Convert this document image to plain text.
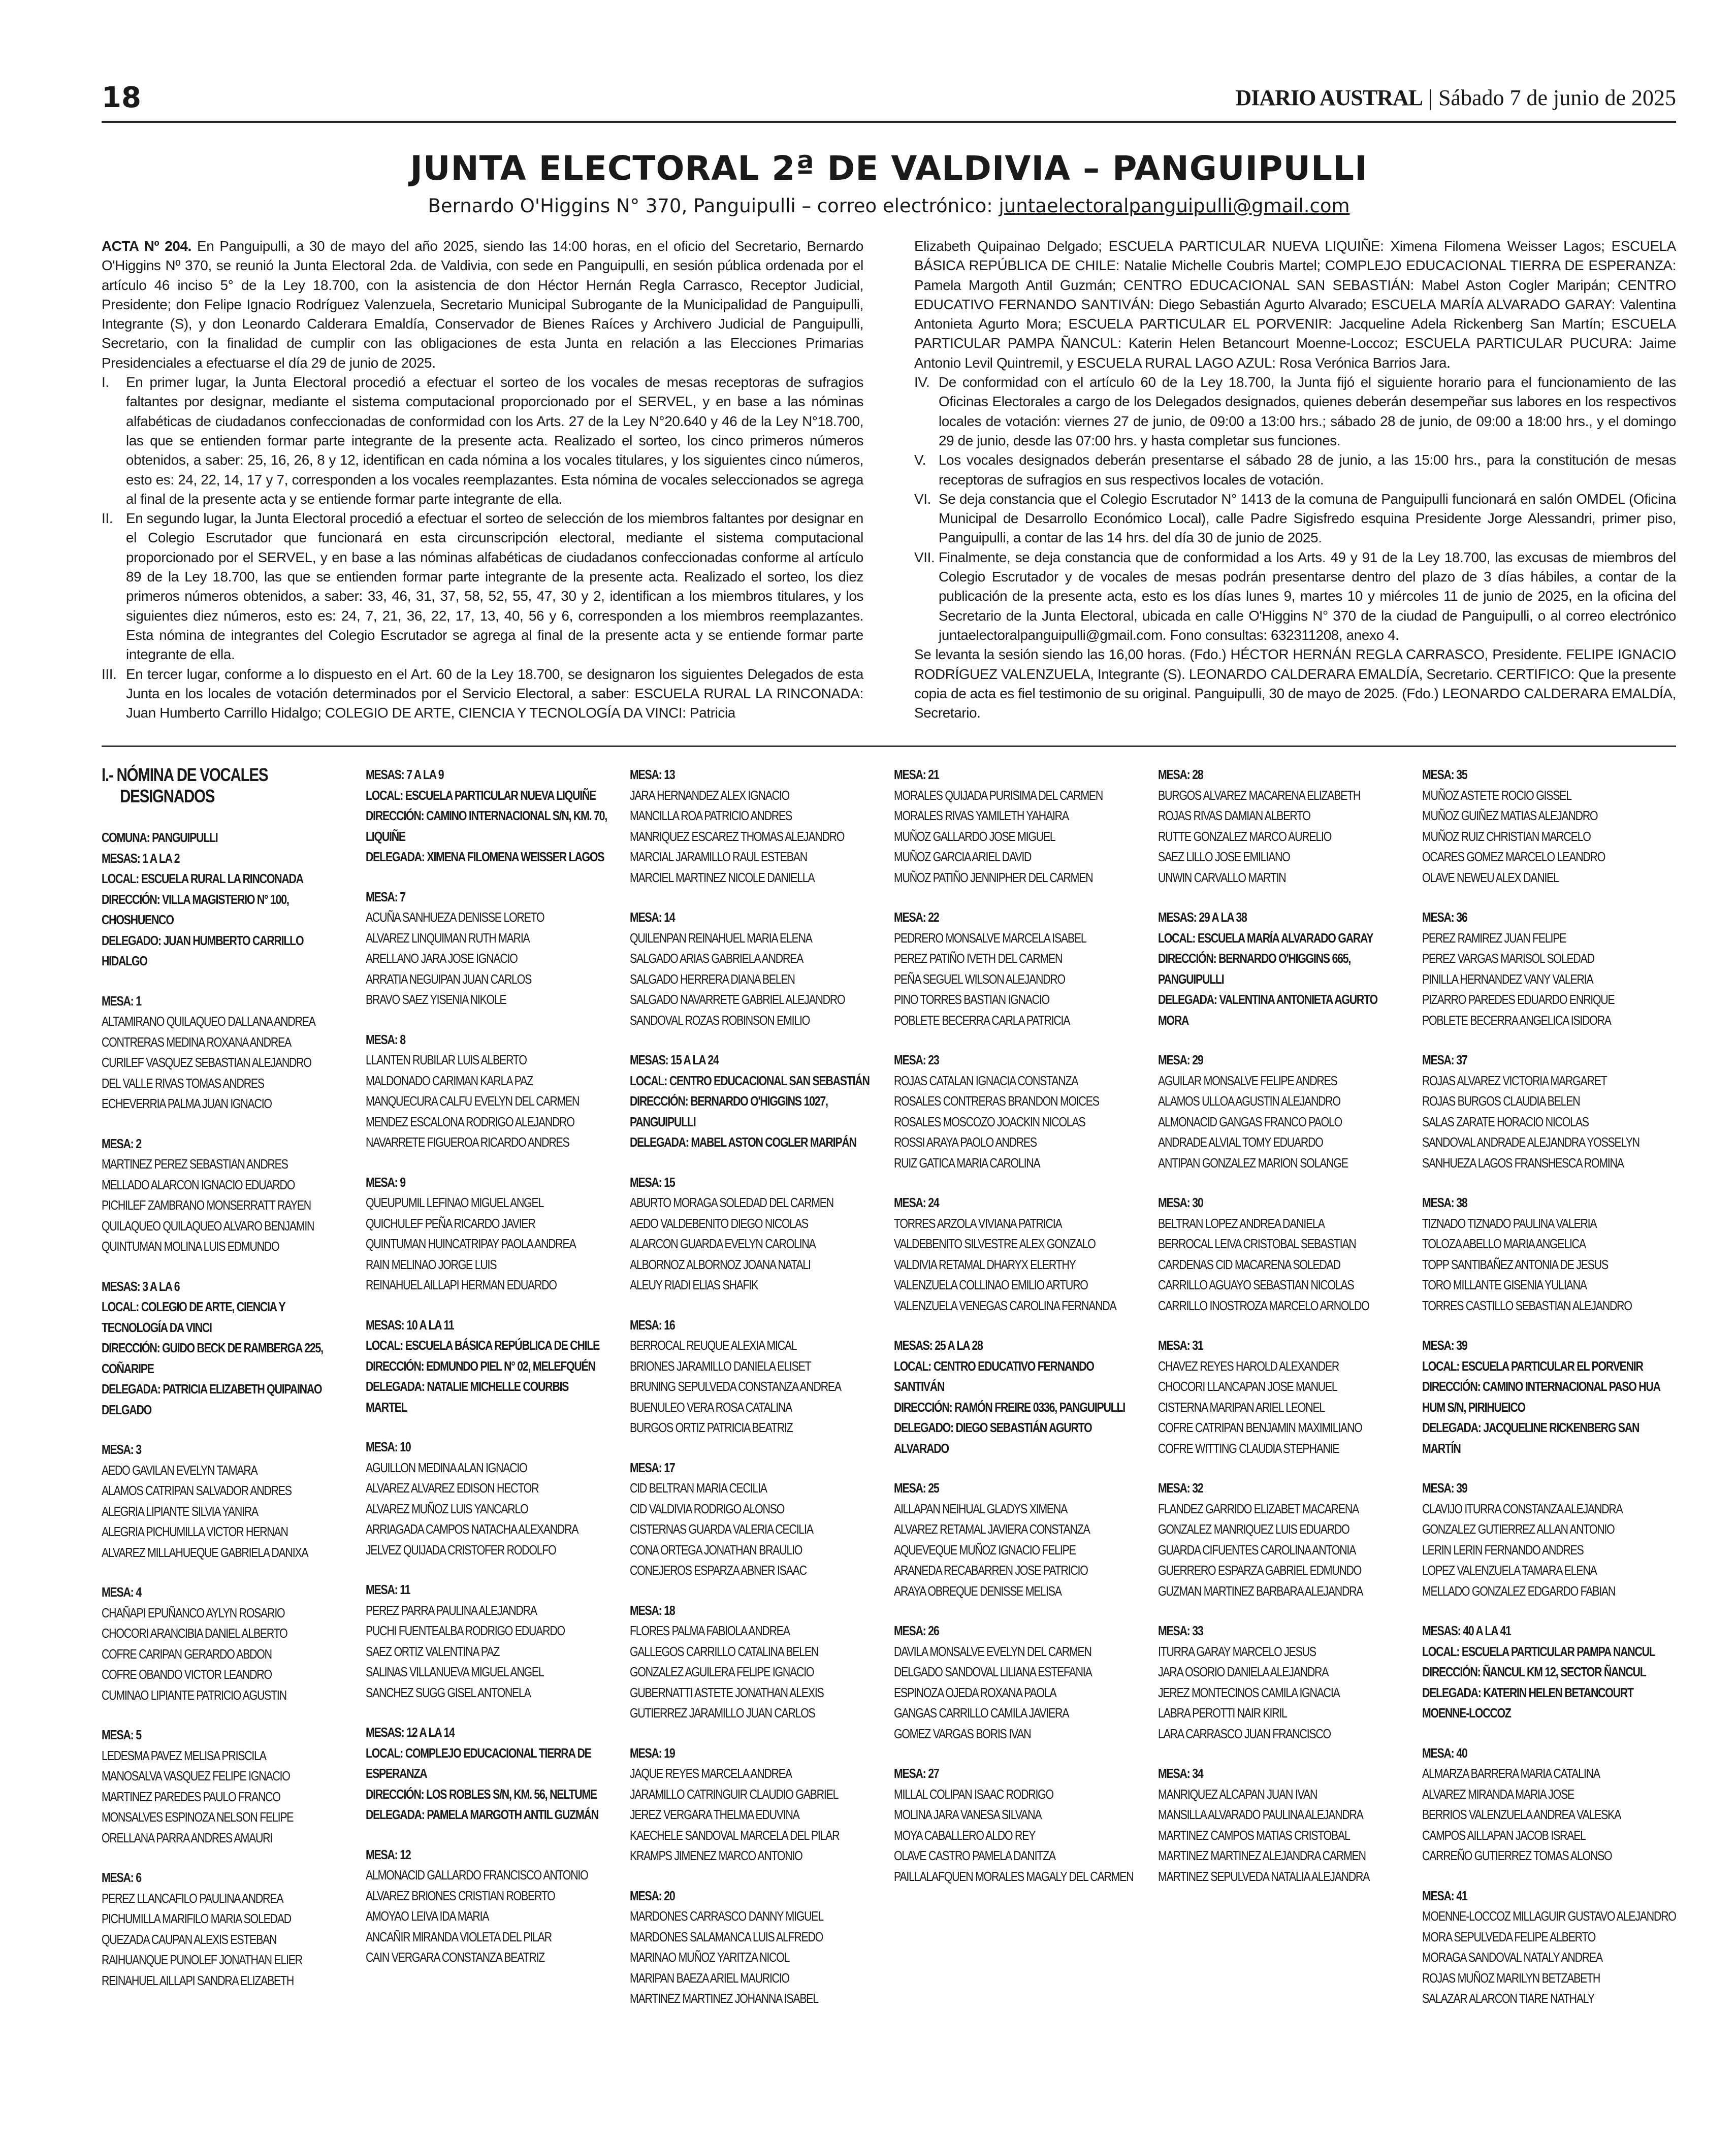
18	DIARIO AUSTRAL | Sábado 7 de junio de 2025
JUNTA ELECTORAL 2ª DE VALDIVIA – PANGUIPULLI

Bernardo O'Higgins N° 370, Panguipulli – correo electrónico: juntaelectoralpanguipulli@gmail.com

ACTA Nº 204. En Panguipulli, a 30 de mayo del año 2025, siendo las 14:00 horas, en el oficio del Secretario, Bernardo O'Higgins Nº 370, se reunió la Junta Electoral 2da. de Valdivia, con sede en Panguipulli, en sesión pública ordenada por el artículo 46 inciso 5° de la Ley 18.700, con la asistencia de don Héctor Hernán Regla Carrasco, Receptor Judicial, Presidente; don Felipe Ignacio Rodríguez Valenzuela, Secretario Municipal Subrogante de la Municipalidad de Panguipulli, Integrante (S), y don Leonardo Calderara Emaldía, Conservador de Bienes Raíces y Archivero Judicial de Panguipulli, Secretario, con la finalidad de cumplir con las obligaciones de esta Junta en relación a las Elecciones Primarias Presidenciales a efectuarse el día 29 de junio de 2025.

I. En primer lugar, la Junta Electoral procedió a efectuar el sorteo de los vocales de mesas receptoras de sufragios faltantes por designar, mediante el sistema computacional proporcionado por el SERVEL, y en base a las nóminas alfabéticas de ciudadanos confeccionadas de conformidad con los Arts. 27 de la Ley N°20.640 y 46 de la Ley N°18.700, las que se entienden formar parte integrante de la presente acta. Realizado el sorteo, los cinco primeros números obtenidos, a saber: 25, 16, 26, 8 y 12, identifican en cada nómina a los vocales titulares, y los siguientes cinco números, esto es: 24, 22, 14, 17 y 7, corresponden a los vocales reemplazantes. Esta nómina de vocales seleccionados se agrega al final de la presente acta y se entiende formar parte integrante de ella.

II. En segundo lugar, la Junta Electoral procedió a efectuar el sorteo de selección de los miembros faltantes por designar en el Colegio Escrutador que funcionará en esta circunscripción electoral, mediante el sistema computacional proporcionado por el SERVEL, y en base a las nóminas alfabéticas de ciudadanos confeccionadas conforme al artículo 89 de la Ley 18.700, las que se entienden formar parte integrante de la presente acta. Realizado el sorteo, los diez primeros números obtenidos, a saber: 33, 46, 31, 37, 58, 52, 55, 47, 30 y 2, identifican a los miembros titulares, y los siguientes diez números, esto es: 24, 7, 21, 36, 22, 17, 13, 40, 56 y 6, corresponden a los miembros reemplazantes. Esta nómina de integrantes del Colegio Escrutador se agrega al final de la presente acta y se entiende formar parte integrante de ella.

III. En tercer lugar, conforme a lo dispuesto en el Art. 60 de la Ley 18.700, se designaron los siguientes Delegados de esta Junta en los locales de votación determinados por el Servicio Electoral, a saber: ESCUELA RURAL LA RINCONADA: Juan Humberto Carrillo Hidalgo; COLEGIO DE ARTE, CIENCIA Y TECNOLOGÍA DA VINCI: Patricia

Elizabeth Quipainao Delgado; ESCUELA PARTICULAR NUEVA LIQUIÑE: Ximena Filomena Weisser Lagos; ESCUELA BÁSICA REPÚBLICA DE CHILE: Natalie Michelle Coubris Martel; COMPLEJO EDUCACIONAL TIERRA DE ESPERANZA: Pamela Margoth Antil Guzmán; CENTRO EDUCACIONAL SAN SEBASTIÁN: Mabel Aston Cogler Maripán; CENTRO EDUCATIVO FERNANDO SANTIVÁN: Diego Sebastián Agurto Alvarado; ESCUELA MARÍA ALVARADO GARAY: Valentina Antonieta Agurto Mora; ESCUELA PARTICULAR EL PORVENIR: Jacqueline Adela Rickenberg San Martín; ESCUELA PARTICULAR PAMPA ÑANCUL: Katerin Helen Betancourt Moenne-Loccoz; ESCUELA PARTICULAR PUCURA: Jaime Antonio Levil Quintremil, y ESCUELA RURAL LAGO AZUL: Rosa Verónica Barrios Jara.

IV. De conformidad con el artículo 60 de la Ley 18.700, la Junta fijó el siguiente horario para el funcionamiento de las Oficinas Electorales a cargo de los Delegados designados, quienes deberán desempeñar sus labores en los respectivos locales de votación: viernes 27 de junio, de 09:00 a 13:00 hrs.; sábado 28 de junio, de 09:00 a 18:00 hrs., y el domingo 29 de junio, desde las 07:00 hrs. y hasta completar sus funciones.

V. Los vocales designados deberán presentarse el sábado 28 de junio, a las 15:00 hrs., para la constitución de mesas receptoras de sufragios en sus respectivos locales de votación.

VI. Se deja constancia que el Colegio Escrutador N° 1413 de la comuna de Panguipulli funcionará en salón OMDEL (Oficina Municipal de Desarrollo Económico Local), calle Padre Sigisfredo esquina Presidente Jorge Alessandri, primer piso, Panguipulli, a contar de las 14 hrs. del día 30 de junio de 2025.

VII. Finalmente, se deja constancia que de conformidad a los Arts. 49 y 91 de la Ley 18.700, las excusas de miembros del Colegio Escrutador y de vocales de mesas podrán presentarse dentro del plazo de 3 días hábiles, a contar de la publicación de la presente acta, esto es los días lunes 9, martes 10 y miércoles 11 de junio de 2025, en la oficina del Secretario de la Junta Electoral, ubicada en calle O'Higgins N° 370 de la ciudad de Panguipulli, o al correo electrónico juntaelectoralpanguipulli@gmail.com. Fono consultas: 632311208, anexo 4.

Se levanta la sesión siendo las 16,00 horas. (Fdo.) HÉCTOR HERNÁN REGLA CARRASCO, Presidente. FELIPE IGNACIO RODRÍGUEZ VALENZUELA, Integrante (S). LEONARDO CALDERARA EMALDÍA, Secretario. CERTIFICO: Que la presente copia de acta es fiel testimonio de su original. Panguipulli, 30 de mayo de 2025. (Fdo.) LEONARDO CALDERARA EMALDÍA, Secretario.

I.- NÓMINA DE VOCALES DESIGNADOS
COMUNA: PANGUIPULLI
MESAS: 1 A LA 2
LOCAL: ESCUELA RURAL LA RINCONADA
DIRECCIÓN: VILLA MAGISTERIO N° 100, CHOSHUENCO
DELEGADO: JUAN HUMBERTO CARRILLO HIDALGO
MESA: 1
ALTAMIRANO QUILAQUEO DALLANA ANDREA
CONTRERAS MEDINA ROXANA ANDREA
CURILEF VASQUEZ SEBASTIAN ALEJANDRO
DEL VALLE RIVAS TOMAS ANDRES
ECHEVERRIA PALMA JUAN IGNACIO
MESA: 2
MARTINEZ PEREZ SEBASTIAN ANDRES
MELLADO ALARCON IGNACIO EDUARDO
PICHILEF ZAMBRANO MONSERRATT RAYEN
QUILAQUEO QUILAQUEO ALVARO BENJAMIN
QUINTUMAN MOLINA LUIS EDMUNDO
MESAS: 3 A LA 6
LOCAL: COLEGIO DE ARTE, CIENCIA Y TECNOLOGÍA DA VINCI
DIRECCIÓN: GUIDO BECK DE RAMBERGA 225, COÑARIPE
DELEGADA: PATRICIA ELIZABETH QUIPAINAO DELGADO
MESA: 3
AEDO GAVILAN EVELYN TAMARA
ALAMOS CATRIPAN SALVADOR ANDRES
ALEGRIA LIPIANTE SILVIA YANIRA
ALEGRIA PICHUMILLA VICTOR HERNAN
ALVAREZ MILLAHUEQUE GABRIELA DANIXA
MESA: 4
CHAÑAPI EPUÑANCO AYLYN ROSARIO
CHOCORI ARANCIBIA DANIEL ALBERTO
COFRE CARIPAN GERARDO ABDON
COFRE OBANDO VICTOR LEANDRO
CUMINAO LIPIANTE PATRICIO AGUSTIN
MESA: 5
LEDESMA PAVEZ MELISA PRISCILA
MANOSALVA VASQUEZ FELIPE IGNACIO
MARTINEZ PAREDES PAULO FRANCO
MONSALVES ESPINOZA NELSON FELIPE
ORELLANA PARRA ANDRES AMAURI
MESA: 6
PEREZ LLANCAFILO PAULINA ANDREA
PICHUMILLA MARIFILO MARIA SOLEDAD
QUEZADA CAUPAN ALEXIS ESTEBAN
RAIHUANQUE PUNOLEF JONATHAN ELIER
REINAHUEL AILLAPI SANDRA ELIZABETH
MESAS: 7 A LA 9
LOCAL: ESCUELA PARTICULAR NUEVA LIQUIÑE
DIRECCIÓN: CAMINO INTERNACIONAL S/N, KM. 70, LIQUIÑE
DELEGADA: XIMENA FILOMENA WEISSER LAGOS
MESA: 7
ACUÑA SANHUEZA DENISSE LORETO
ALVAREZ LINQUIMAN RUTH MARIA
ARELLANO JARA JOSE IGNACIO
ARRATIA NEGUIPAN JUAN CARLOS
BRAVO SAEZ YISENIA NIKOLE
MESA: 8
LLANTEN RUBILAR LUIS ALBERTO
MALDONADO CARIMAN KARLA PAZ
MANQUECURA CALFU EVELYN DEL CARMEN
MENDEZ ESCALONA RODRIGO ALEJANDRO
NAVARRETE FIGUEROA RICARDO ANDRES
MESA: 9
QUEUPUMIL LEFINAO MIGUEL ANGEL
QUICHULEF PEÑA RICARDO JAVIER
QUINTUMAN HUINCATRIPAY PAOLA ANDREA
RAIN MELINAO JORGE LUIS
REINAHUEL AILLAPI HERMAN EDUARDO
MESAS: 10 A LA 11
LOCAL: ESCUELA BÁSICA REPÚBLICA DE CHILE
DIRECCIÓN: EDMUNDO PIEL N° 02, MELEFQUÉN
DELEGADA: NATALIE MICHELLE COURBIS MARTEL
MESA: 10
AGUILLON MEDINA ALAN IGNACIO
ALVAREZ ALVAREZ EDISON HECTOR
ALVAREZ MUÑOZ LUIS YANCARLO
ARRIAGADA CAMPOS NATACHA ALEXANDRA
JELVEZ QUIJADA CRISTOFER RODOLFO
MESA: 11
PEREZ PARRA PAULINA ALEJANDRA
PUCHI FUENTEALBA RODRIGO EDUARDO
SAEZ ORTIZ VALENTINA PAZ
SALINAS VILLANUEVA MIGUEL ANGEL
SANCHEZ SUGG GISEL ANTONELA
MESAS: 12 A LA 14
LOCAL: COMPLEJO EDUCACIONAL TIERRA DE ESPERANZA
DIRECCIÓN: LOS ROBLES S/N, KM. 56, NELTUME
DELEGADA: PAMELA MARGOTH ANTIL GUZMÁN
MESA: 12
ALMONACID GALLARDO FRANCISCO ANTONIO
ALVAREZ BRIONES CRISTIAN ROBERTO
AMOYAO LEIVA IDA MARIA
ANCAÑIR MIRANDA VIOLETA DEL PILAR
CAIN VERGARA CONSTANZA BEATRIZ
MESA: 13
JARA HERNANDEZ ALEX IGNACIO
MANCILLA ROA PATRICIO ANDRES
MANRIQUEZ ESCAREZ THOMAS ALEJANDRO
MARCIAL JARAMILLO RAUL ESTEBAN
MARCIEL MARTINEZ NICOLE DANIELLA
MESA: 14
QUILENPAN REINAHUEL MARIA ELENA
SALGADO ARIAS GABRIELA ANDREA
SALGADO HERRERA DIANA BELEN
SALGADO NAVARRETE GABRIEL ALEJANDRO
SANDOVAL ROZAS ROBINSON EMILIO
MESAS: 15 A LA 24
LOCAL: CENTRO EDUCACIONAL SAN SEBASTIÁN
DIRECCIÓN: BERNARDO O'HIGGINS 1027, PANGUIPULLI
DELEGADA: MABEL ASTON COGLER MARIPÁN
MESA: 15
ABURTO MORAGA SOLEDAD DEL CARMEN
AEDO VALDEBENITO DIEGO NICOLAS
ALARCON GUARDA EVELYN CAROLINA
ALBORNOZ ALBORNOZ JOANA NATALI
ALEUY RIADI ELIAS SHAFIK
MESA: 16
BERROCAL REUQUE ALEXIA MICAL
BRIONES JARAMILLO DANIELA ELISET
BRUNING SEPULVEDA CONSTANZA ANDREA
BUENULEO VERA ROSA CATALINA
BURGOS ORTIZ PATRICIA BEATRIZ
MESA: 17
CID BELTRAN MARIA CECILIA
CID VALDIVIA RODRIGO ALONSO
CISTERNAS GUARDA VALERIA CECILIA
CONA ORTEGA JONATHAN BRAULIO
CONEJEROS ESPARZA ABNER ISAAC
MESA: 18
FLORES PALMA FABIOLA ANDREA
GALLEGOS CARRILLO CATALINA BELEN
GONZALEZ AGUILERA FELIPE IGNACIO
GUBERNATTI ASTETE JONATHAN ALEXIS
GUTIERREZ JARAMILLO JUAN CARLOS
MESA: 19
JAQUE REYES MARCELA ANDREA
JARAMILLO CATRINGUIR CLAUDIO GABRIEL
JEREZ VERGARA THELMA EDUVINA
KAECHELE SANDOVAL MARCELA DEL PILAR
KRAMPS JIMENEZ MARCO ANTONIO
MESA: 20
MARDONES CARRASCO DANNY MIGUEL
MARDONES SALAMANCA LUIS ALFREDO
MARINAO MUÑOZ YARITZA NICOL
MARIPAN BAEZA ARIEL MAURICIO
MARTINEZ MARTINEZ JOHANNA ISABEL
MESA: 21
MORALES QUIJADA PURISIMA DEL CARMEN
MORALES RIVAS YAMILETH YAHAIRA
MUÑOZ GALLARDO JOSE MIGUEL
MUÑOZ GARCIA ARIEL DAVID
MUÑOZ PATIÑO JENNIPHER DEL CARMEN
MESA: 22
PEDRERO MONSALVE MARCELA ISABEL
PEREZ PATIÑO IVETH DEL CARMEN
PEÑA SEGUEL WILSON ALEJANDRO
PINO TORRES BASTIAN IGNACIO
POBLETE BECERRA CARLA PATRICIA
MESA: 23
ROJAS CATALAN IGNACIA CONSTANZA
ROSALES CONTRERAS BRANDON MOICES
ROSALES MOSCOZO JOACKIN NICOLAS
ROSSI ARAYA PAOLO ANDRES
RUIZ GATICA MARIA CAROLINA
MESA: 24
TORRES ARZOLA VIVIANA PATRICIA
VALDEBENITO SILVESTRE ALEX GONZALO
VALDIVIA RETAMAL DHARYX ELERTHY
VALENZUELA COLLINAO EMILIO ARTURO
VALENZUELA VENEGAS CAROLINA FERNANDA
MESAS: 25 A LA 28
LOCAL: CENTRO EDUCATIVO FERNANDO SANTIVÁN
DIRECCIÓN: RAMÓN FREIRE 0336, PANGUIPULLI
DELEGADO: DIEGO SEBASTIÁN AGURTO ALVARADO
MESA: 25
AILLAPAN NEIHUAL GLADYS XIMENA
ALVAREZ RETAMAL JAVIERA CONSTANZA
AQUEVEQUE MUÑOZ IGNACIO FELIPE
ARANEDA RECABARREN JOSE PATRICIO
ARAYA OBREQUE DENISSE MELISA
MESA: 26
DAVILA MONSALVE EVELYN DEL CARMEN
DELGADO SANDOVAL LILIANA ESTEFANIA
ESPINOZA OJEDA ROXANA PAOLA
GANGAS CARRILLO CAMILA JAVIERA
GOMEZ VARGAS BORIS IVAN
MESA: 27
MILLAL COLIPAN ISAAC RODRIGO
MOLINA JARA VANESA SILVANA
MOYA CABALLERO ALDO REY
OLAVE CASTRO PAMELA DANITZA
PAILLALAFQUEN MORALES MAGALY DEL CARMEN
MESA: 28
BURGOS ALVAREZ MACARENA ELIZABETH
ROJAS RIVAS DAMIAN ALBERTO
RUTTE GONZALEZ MARCO AURELIO
SAEZ LILLO JOSE EMILIANO
UNWIN CARVALLO MARTIN
MESAS: 29 A LA 38
LOCAL: ESCUELA MARÍA ALVARADO GARAY
DIRECCIÓN: BERNARDO O'HIGGINS 665, PANGUIPULLI
DELEGADA: VALENTINA ANTONIETA AGURTO MORA
MESA: 29
AGUILAR MONSALVE FELIPE ANDRES
ALAMOS ULLOA AGUSTIN ALEJANDRO
ALMONACID GANGAS FRANCO PAOLO
ANDRADE ALVIAL TOMY EDUARDO
ANTIPAN GONZALEZ MARION SOLANGE
MESA: 30
BELTRAN LOPEZ ANDREA DANIELA
BERROCAL LEIVA CRISTOBAL SEBASTIAN
CARDENAS CID MACARENA SOLEDAD
CARRILLO AGUAYO SEBASTIAN NICOLAS
CARRILLO INOSTROZA MARCELO ARNOLDO
MESA: 31
CHAVEZ REYES HAROLD ALEXANDER
CHOCORI LLANCAPAN JOSE MANUEL
CISTERNA MARIPAN ARIEL LEONEL
COFRE CATRIPAN BENJAMIN MAXIMILIANO
COFRE WITTING CLAUDIA STEPHANIE
MESA: 32
FLANDEZ GARRIDO ELIZABET MACARENA
GONZALEZ MANRIQUEZ LUIS EDUARDO
GUARDA CIFUENTES CAROLINA ANTONIA
GUERRERO ESPARZA GABRIEL EDMUNDO
GUZMAN MARTINEZ BARBARA ALEJANDRA
MESA: 33
ITURRA GARAY MARCELO JESUS
JARA OSORIO DANIELA ALEJANDRA
JEREZ MONTECINOS CAMILA IGNACIA
LABRA PEROTTI NAIR KIRIL
LARA CARRASCO JUAN FRANCISCO
MESA: 34
MANRIQUEZ ALCAPAN JUAN IVAN
MANSILLA ALVARADO PAULINA ALEJANDRA
MARTINEZ CAMPOS MATIAS CRISTOBAL
MARTINEZ MARTINEZ ALEJANDRA CARMEN
MARTINEZ SEPULVEDA NATALIA ALEJANDRA
MESA: 35
MUÑOZ ASTETE ROCIO GISSEL
MUÑOZ GUIÑEZ MATIAS ALEJANDRO
MUÑOZ RUIZ CHRISTIAN MARCELO
OCARES GOMEZ MARCELO LEANDRO
OLAVE NEWEU ALEX DANIEL
MESA: 36
PEREZ RAMIREZ JUAN FELIPE
PEREZ VARGAS MARISOL SOLEDAD
PINILLA HERNANDEZ VANY VALERIA
PIZARRO PAREDES EDUARDO ENRIQUE
POBLETE BECERRA ANGELICA ISIDORA
MESA: 37
ROJAS ALVAREZ VICTORIA MARGARET
ROJAS BURGOS CLAUDIA BELEN
SALAS ZARATE HORACIO NICOLAS
SANDOVAL ANDRADE ALEJANDRA YOSSELYN
SANHUEZA LAGOS FRANSHESCA ROMINA
MESA: 38
TIZNADO TIZNADO PAULINA VALERIA
TOLOZA ABELLO MARIA ANGELICA
TOPP SANTIBAÑEZ ANTONIA DE JESUS
TORO MILLANTE GISENIA YULIANA
TORRES CASTILLO SEBASTIAN ALEJANDRO
MESA: 39
LOCAL: ESCUELA PARTICULAR EL PORVENIR
DIRECCIÓN: CAMINO INTERNACIONAL PASO HUA HUM S/N, PIRIHUEICO
DELEGADA: JACQUELINE RICKENBERG SAN MARTÍN
MESA: 39
CLAVIJO ITURRA CONSTANZA ALEJANDRA
GONZALEZ GUTIERREZ ALLAN ANTONIO
LERIN LERIN FERNANDO ANDRES
LOPEZ VALENZUELA TAMARA ELENA
MELLADO GONZALEZ EDGARDO FABIAN
MESAS: 40 A LA 41
LOCAL: ESCUELA PARTICULAR PAMPA NANCUL
DIRECCIÓN: ÑANCUL KM 12, SECTOR ÑANCUL
DELEGADA: KATERIN HELEN BETANCOURT MOENNE-LOCCOZ
MESA: 40
ALMARZA BARRERA MARIA CATALINA
ALVAREZ MIRANDA MARIA JOSE
BERRIOS VALENZUELA ANDREA VALESKA
CAMPOS AILLAPAN JACOB ISRAEL
CARREÑO GUTIERREZ TOMAS ALONSO
MESA: 41
MOENNE-LOCCOZ MILLAGUIR GUSTAVO ALEJANDRO
MORA SEPULVEDA FELIPE ALBERTO
MORAGA SANDOVAL NATALY ANDREA
ROJAS MUÑOZ MARILYN BETZABETH
SALAZAR ALARCON TIARE NATHALY
